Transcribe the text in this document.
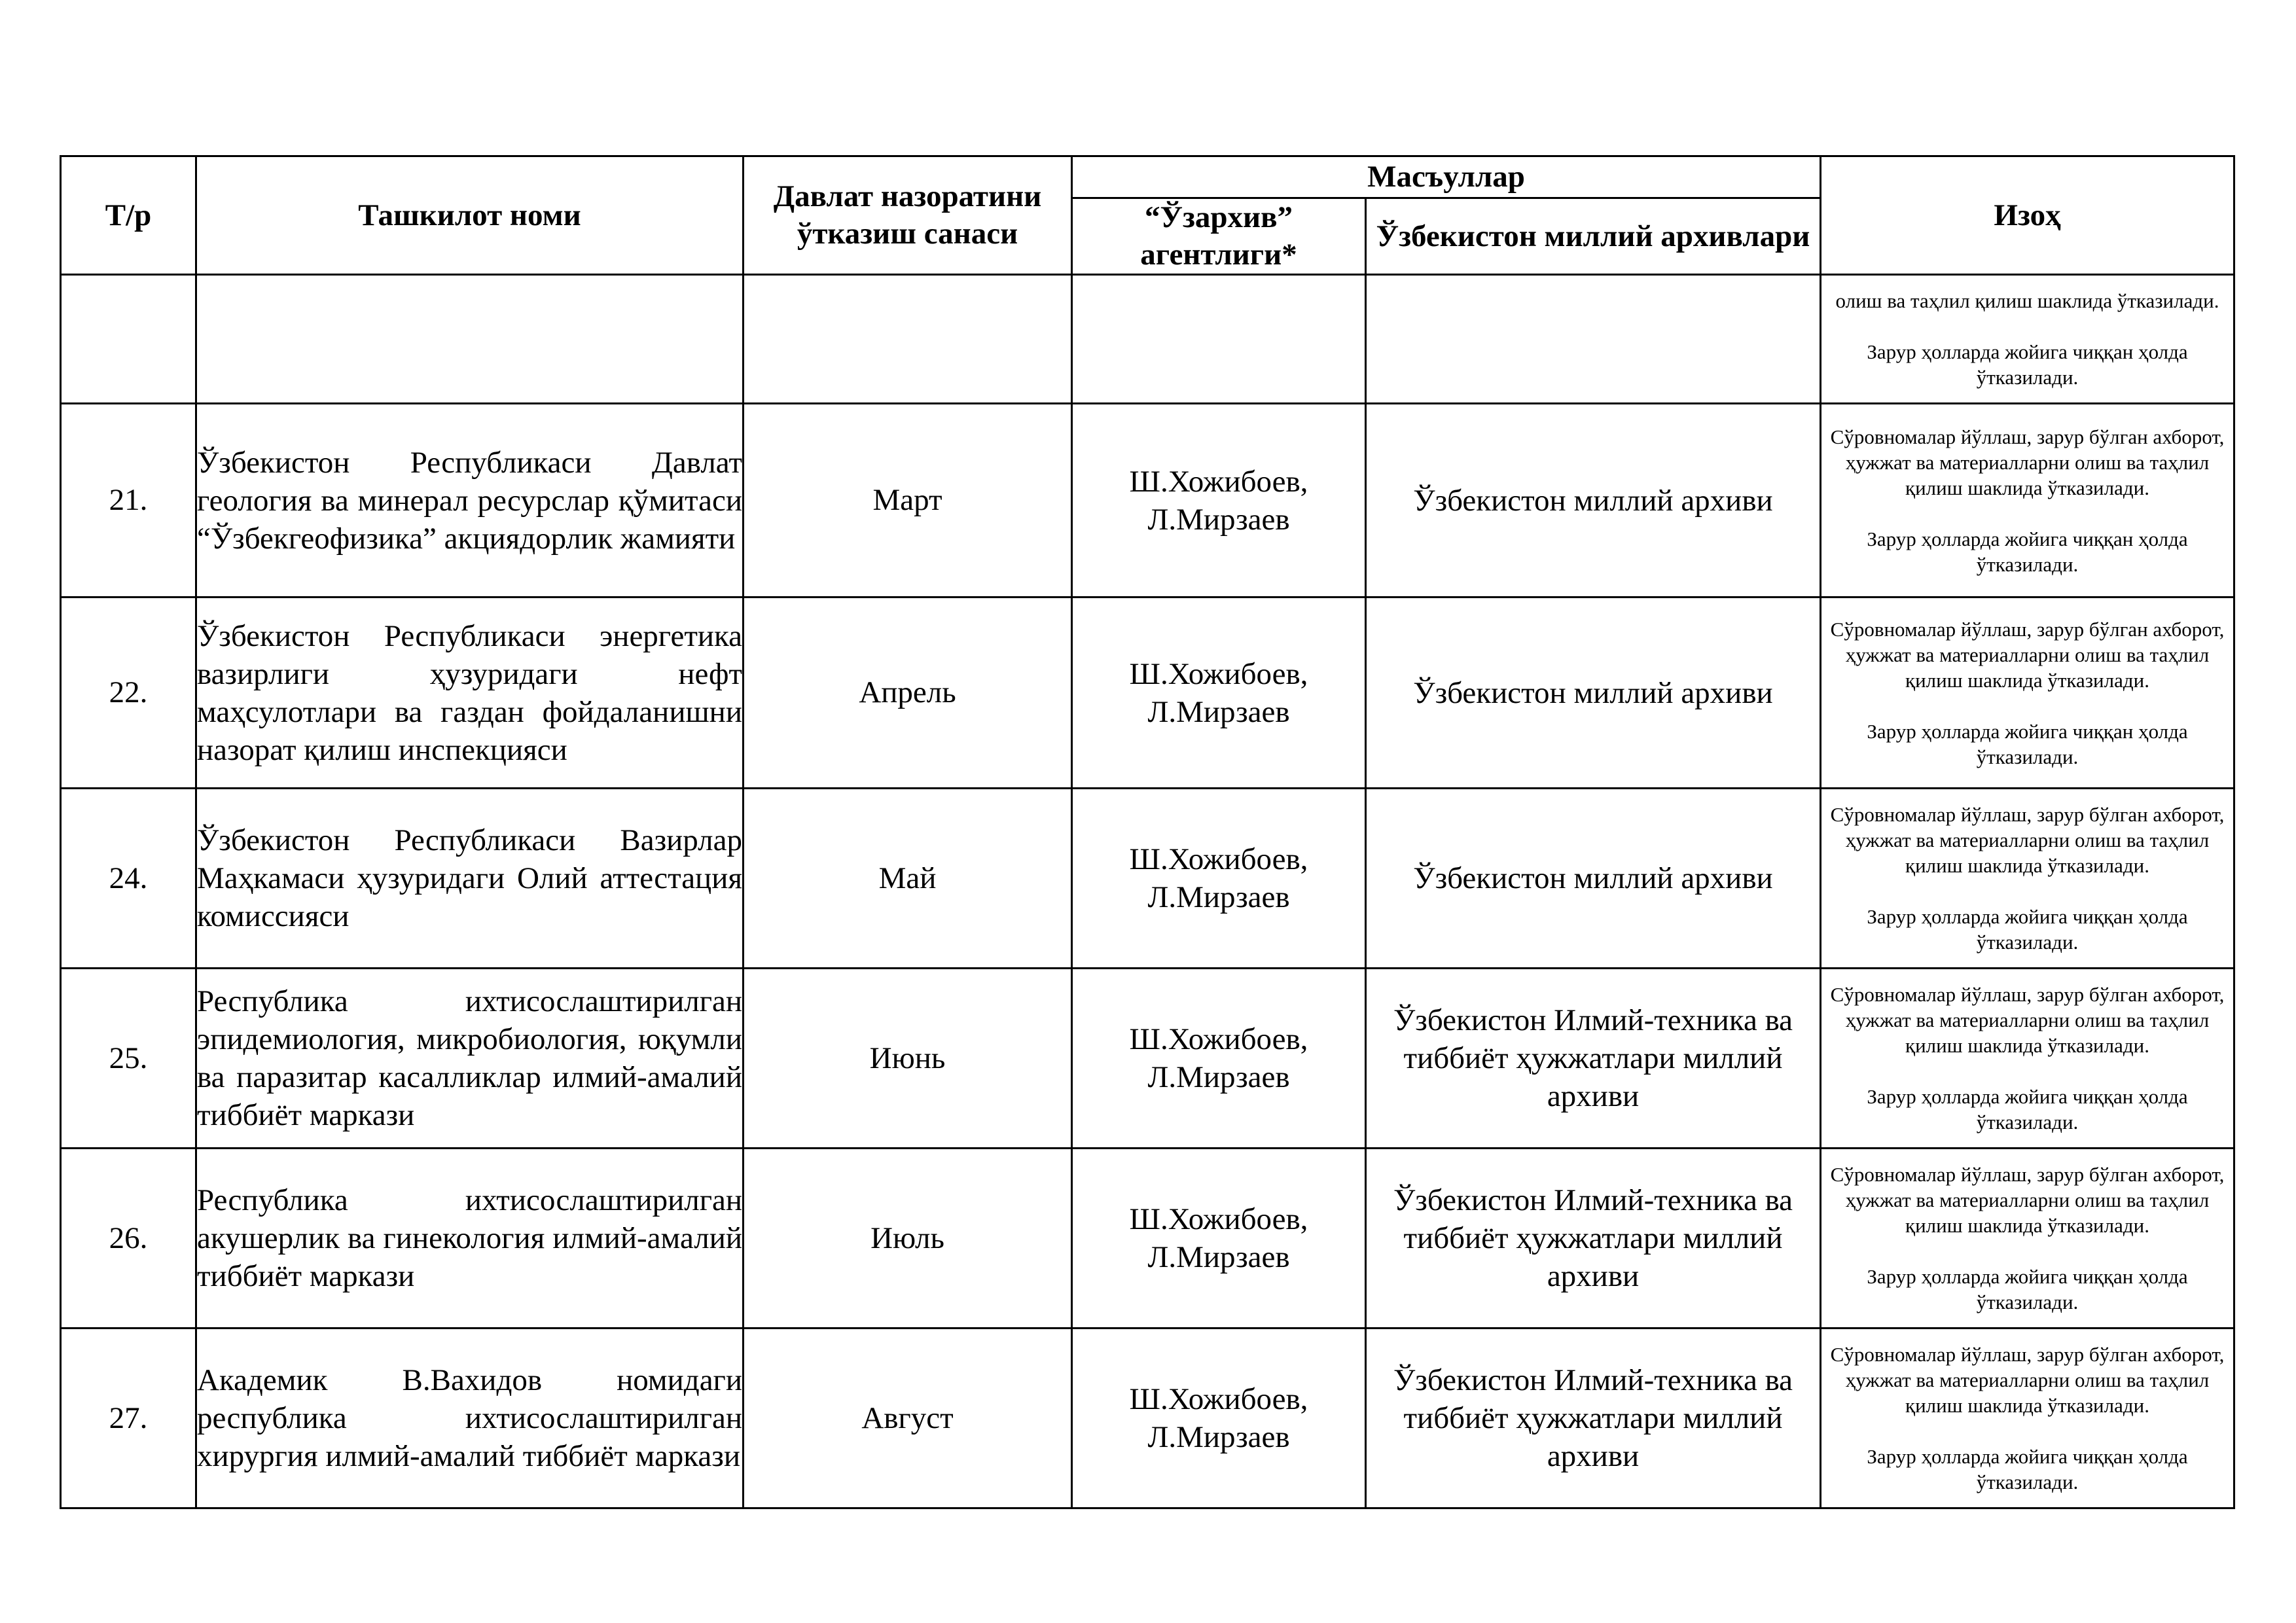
Т/р	Ташкилот номи	Давлат назоратини ўтказиш санаси	Масъуллар		Изоҳ
			“Ўзархив” агентлиги*	Ўзбекистон миллий архивлари	

					олиш ва таҳлил қилиш шаклида ўтказилади.
Зарур ҳолларда жойига чиққан ҳолда ўтказилади.

21.	Ўзбекистон Республикаси Давлат геология ва минерал ресурслар қўмитаси “Ўзбекгеофизика” акциядорлик жамияти	Март	Ш.Хожибоев, Л.Мирзаев	Ўзбекистон миллий архиви	Сўровномалар йўллаш, зарур бўлган ахборот, ҳужжат ва материалларни олиш ва таҳлил қилиш шаклида ўтказилади.
Зарур ҳолларда жойига чиққан ҳолда ўтказилади.

22.	Ўзбекистон Республикаси энергетика вазирлиги ҳузуридаги нефт маҳсулотлари ва газдан фойдаланишни назорат қилиш инспекцияси	Апрель	Ш.Хожибоев, Л.Мирзаев	Ўзбекистон миллий архиви	Сўровномалар йўллаш, зарур бўлган ахборот, ҳужжат ва материалларни олиш ва таҳлил қилиш шаклида ўтказилади.
Зарур ҳолларда жойига чиққан ҳолда ўтказилади.

24.	Ўзбекистон Республикаси Вазирлар Маҳкамаси ҳузуридаги Олий аттестация комиссияси	Май	Ш.Хожибоев, Л.Мирзаев	Ўзбекистон миллий архиви	Сўровномалар йўллаш, зарур бўлган ахборот, ҳужжат ва материалларни олиш ва таҳлил қилиш шаклида ўтказилади.
Зарур ҳолларда жойига чиққан ҳолда ўтказилади.

25.	Республика ихтисослаштирилган эпидемиология, микробиология, юқумли ва паразитар касалликлар илмий-амалий тиббиёт маркази	Июнь	Ш.Хожибоев, Л.Мирзаев	Ўзбекистон Илмий-техника ва тиббиёт ҳужжатлари миллий архиви	Сўровномалар йўллаш, зарур бўлган ахборот, ҳужжат ва материалларни олиш ва таҳлил қилиш шаклида ўтказилади.
Зарур ҳолларда жойига чиққан ҳолда ўтказилади.

26.	Республика ихтисослаштирилган акушерлик ва гинекология илмий-амалий тиббиёт маркази	Июль	Ш.Хожибоев, Л.Мирзаев	Ўзбекистон Илмий-техника ва тиббиёт ҳужжатлари миллий архиви	Сўровномалар йўллаш, зарур бўлган ахборот, ҳужжат ва материалларни олиш ва таҳлил қилиш шаклида ўтказилади.
Зарур ҳолларда жойига чиққан ҳолда ўтказилади.

27.	Академик В.Вахидов номидаги республика ихтисослаштирилган хирургия илмий-амалий тиббиёт маркази	Август	Ш.Хожибоев, Л.Мирзаев	Ўзбекистон Илмий-техника ва тиббиёт ҳужжатлари миллий архиви	Сўровномалар йўллаш, зарур бўлган ахборот, ҳужжат ва материалларни олиш ва таҳлил қилиш шаклида ўтказилади.
Зарур ҳолларда жойига чиққан ҳолда ўтказилади.
